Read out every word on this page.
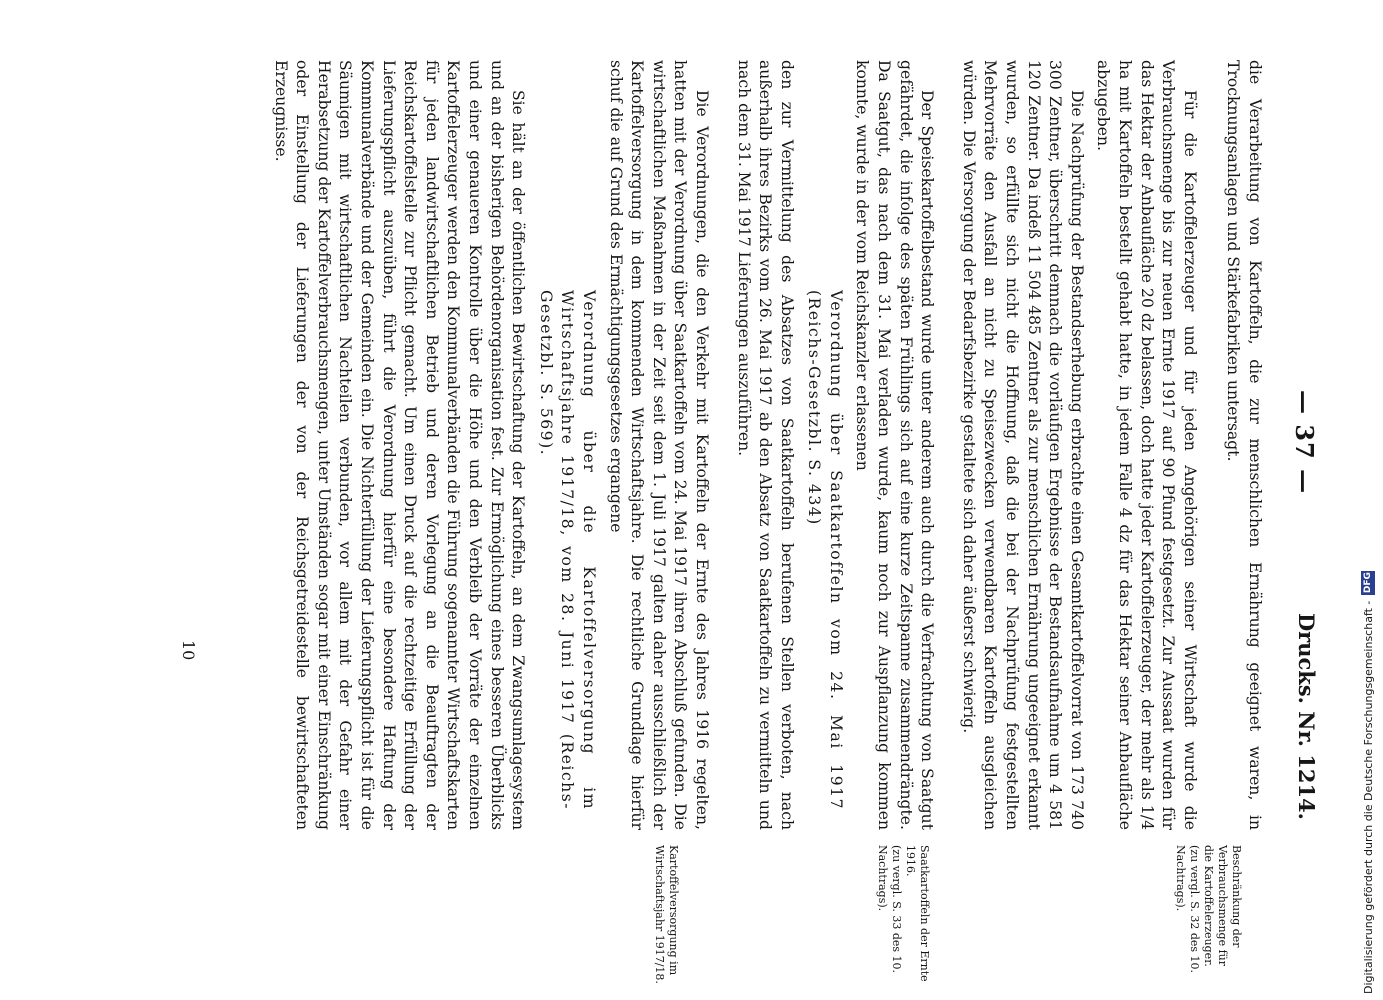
— 37 —
Drucks. Nr. 1214.

die Verarbeitung von Kartoffeln, die zur menschlichen Ernährung geeignet waren, in Trocknungsanlagen und Stärkefabriken untersagt.

Für die Kartoffelerzeuger und für jeden Angehörigen seiner Wirtschaft wurde die Verbrauchsmenge bis zur neuen Ernte 1917 auf 90 Pfund festgesetzt. Zur Aussaat wurden für das Hektar der Anbaufläche 20 dz belassen, doch hatte jeder Kartoffelerzeuger, der mehr als 1/4 ha mit Kartoffeln bestellt gehabt hatte, in jedem Falle 4 dz für das Hektar seiner Anbaufläche abzugeben.

Die Nachprüfung der Bestandserhebung erbrachte einen Gesamtkartoffelvorrat von 173 740 300 Zentner, überschritt demnach die vorläufigen Ergebnisse der Bestandsaufnahme um 4 581 120 Zentner. Da indeß 11 504 485 Zentner als zur menschlichen Ernährung ungeeignet erkannt wurden, so erfüllte sich nicht die Hoffnung, daß die bei der Nachprüfung festgestellten Mehrvorräte den Ausfall an nicht zu Speisezwecken verwendbaren Kartoffeln ausgleichen würden. Die Versorgung der Bedarfsbezirke gestaltete sich daher äußerst schwierig.

Der Speisekartoffelbestand wurde unter anderem auch durch die Verfrachtung von Saatgut gefährdet, die infolge des späten Frühlings sich auf eine kurze Zeitspanne zusammendrängte. Da Saatgut, das nach dem 31. Mai verladen wurde, kaum noch zur Auspflanzung kommen konnte, wurde in der vom Reichskanzler erlassenen

Verordnung über Saatkartoffeln vom 24. Mai 1917 (Reichs-Gesetzbl. S. 434)

den zur Vermittelung des Absatzes von Saatkartoffeln berufenen Stellen verboten, nach außerhalb ihres Bezirks vom 26. Mai 1917 ab den Absatz von Saatkartoffeln zu vermitteln und nach dem 31. Mai 1917 Lieferungen auszuführen.

Die Verordnungen, die den Verkehr mit Kartoffeln der Ernte des Jahres 1916 regelten, hatten mit der Verordnung über Saatkartoffeln vom 24. Mai 1917 ihren Abschluß gefunden. Die wirtschaftlichen Maßnahmen in der Zeit seit dem 1. Juli 1917 galten daher ausschließlich der Kartoffelversorgung in dem kommenden Wirtschaftsjahre. Die rechtliche Grundlage hierfür schuf die auf Grund des Ermächtigungsgesetzes ergangene

Verordnung über die Kartoffelversorgung im Wirtschaftsjahre 1917/18, vom 28. Juni 1917 (Reichs-Gesetzbl. S. 569).

Sie hält an der öffentlichen Bewirtschaftung der Kartoffeln, an dem Zwangsumlagesystem und an der bisherigen Behördenorganisation fest. Zur Ermöglichung eines besseren Überblicks und einer genaueren Kontrolle über die Höhe und den Verbleib der Vorräte der einzelnen Kartoffelerzeuger werden den Kommunalverbänden die Führung sogenannter Wirtschaftskarten für jeden landwirtschaftlichen Betrieb und deren Vorlegung an die Beauftragten der Reichskartoffelstelle zur Pflicht gemacht. Um einen Druck auf die rechtzeitige Erfüllung der Lieferungspflicht auszuüben, führt die Verordnung hierfür eine besondere Haftung der Kommunalverbände und der Gemeinden ein. Die Nichterfüllung der Lieferungspflicht ist für die Säumigen mit wirtschaftlichen Nachteilen verbunden, vor allem mit der Gefahr einer Herabsetzung der Kartoffelverbrauchsmengen, unter Umständen sogar mit einer Einschränkung oder Einstellung der Lieferungen der von der Reichsgetreidestelle bewirtschafteten Erzeugnisse.

Beschränkung der Verbrauchsmenge für die Kartoffelerzeuger.
(zu vergl. S. 32 des 10. Nachtrags).
Saatkartoffeln der Ernte 1916.
(zu vergl. S. 33 des 10. Nachtrags).
Kartoffelversorgung im Wirtschaftsjahr 1917/18.
10	Digitalisierung gefördert durch die Deutsche Forschungsgemeinschaft -
DFG
